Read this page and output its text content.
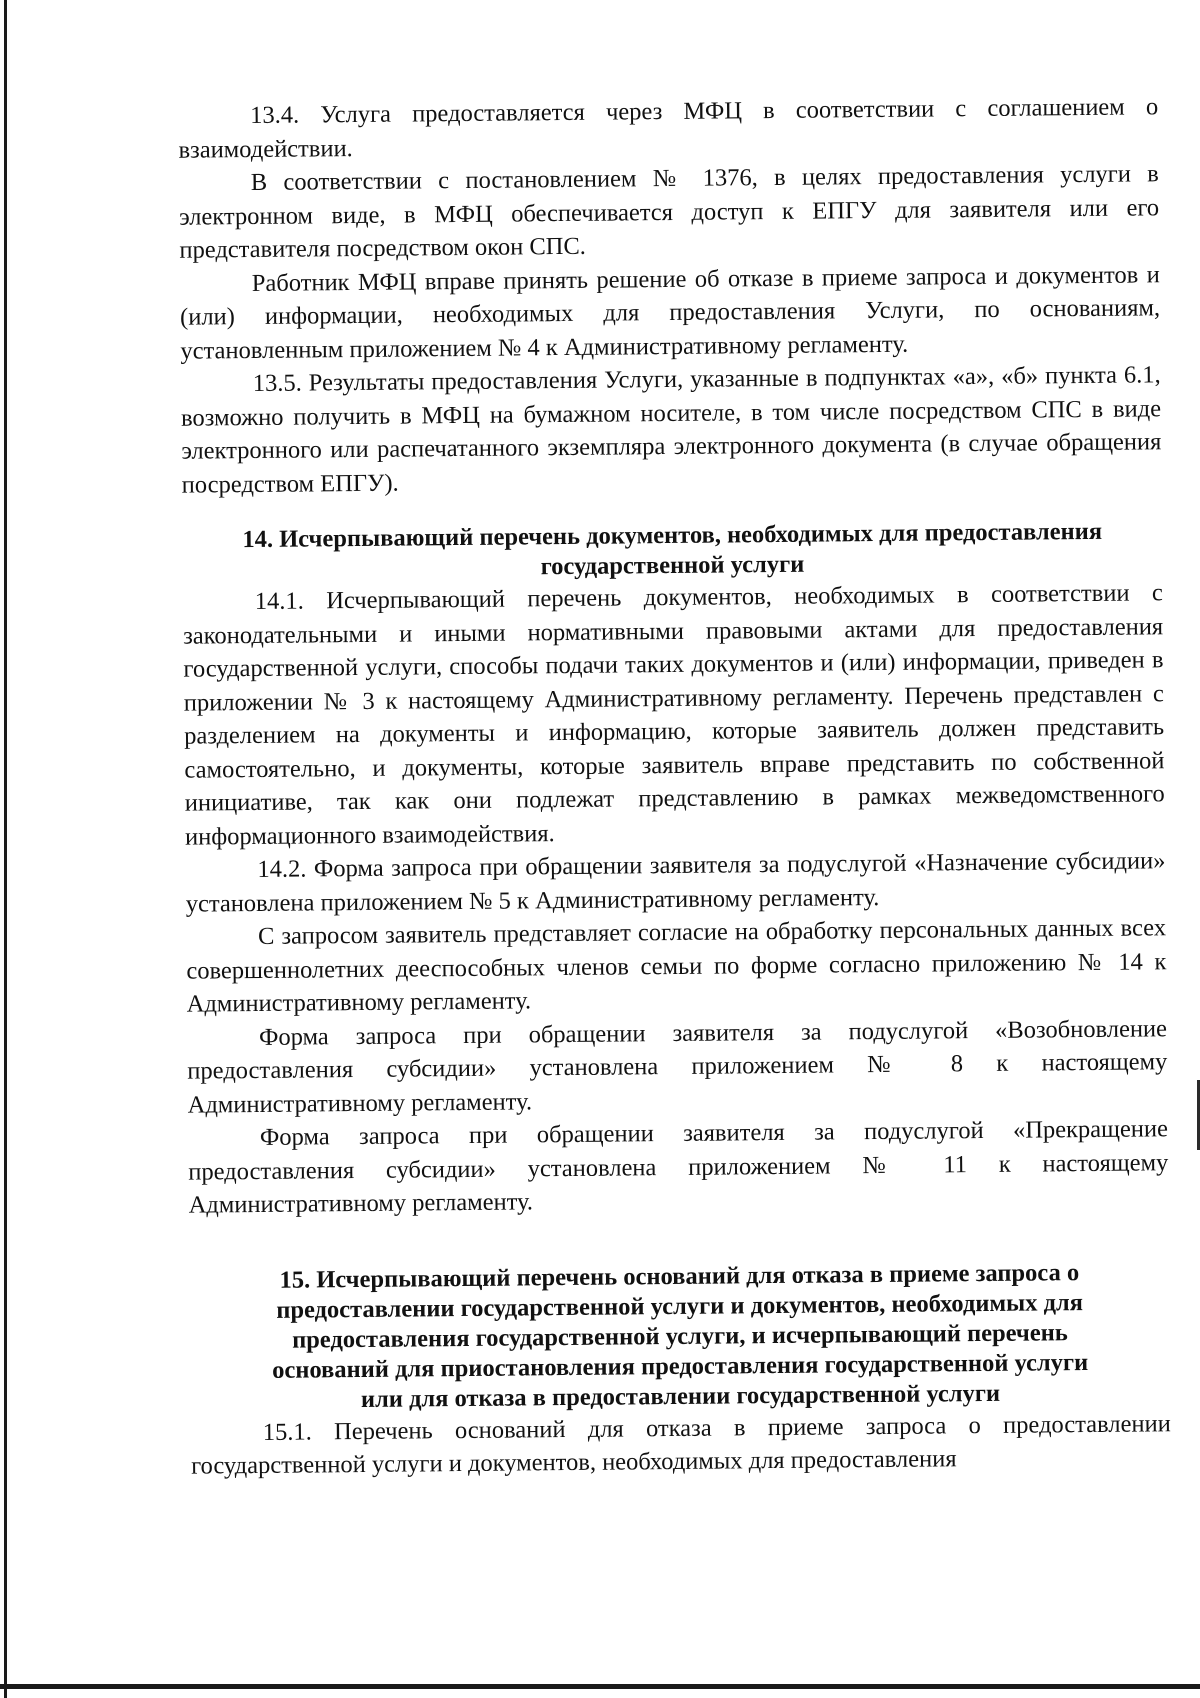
13.4. Услуга предоставляется через МФЦ в соответствии с соглашением о взаимодействии.

В соответствии с постановлением № 1376, в целях предоставления услуги в электронном виде, в МФЦ обеспечивается доступ к ЕПГУ для заявителя или его представителя посредством окон СПС.

Работник МФЦ вправе принять решение об отказе в приеме запроса и документов и (или) информации, необходимых для предоставления Услуги, по основаниям, установленным приложением № 4 к Административному регламенту.

13.5. Результаты предоставления Услуги, указанные в подпунктах «а», «б» пункта 6.1, возможно получить в МФЦ на бумажном носителе, в том числе посредством СПС в виде электронного или распечатанного экземпляра электронного документа (в случае обращения посредством ЕПГУ).

14. Исчерпывающий перечень документов, необходимых для предоставления государственной услуги

14.1. Исчерпывающий перечень документов, необходимых в соответствии с законодательными и иными нормативными правовыми актами для предоставления государственной услуги, способы подачи таких документов и (или) информации, приведен в приложении № 3 к настоящему Административному регламенту. Перечень представлен с разделением на документы и информацию, которые заявитель должен представить самостоятельно, и документы, которые заявитель вправе представить по собственной инициативе, так как они подлежат представлению в рамках межведомственного информационного взаимодействия.

14.2. Форма запроса при обращении заявителя за подуслугой «Назначение субсидии» установлена приложением № 5 к Административному регламенту.

С запросом заявитель представляет согласие на обработку персональных данных всех совершеннолетних дееспособных членов семьи по форме согласно приложению № 14 к Административному регламенту.

Форма запроса при обращении заявителя за подуслугой «Возобновление предоставления субсидии» установлена приложением № 8 к настоящему Административному регламенту.

Форма запроса при обращении заявителя за подуслугой «Прекращение предоставления субсидии» установлена приложением № 11 к настоящему Административному регламенту.

15. Исчерпывающий перечень оснований для отказа в приеме запроса о предоставлении государственной услуги и документов, необходимых для предоставления государственной услуги, и исчерпывающий перечень оснований для приостановления предоставления государственной услуги или для отказа в предоставлении государственной услуги

15.1. Перечень оснований для отказа в приеме запроса о предоставлении государственной услуги и документов, необходимых для предоставления
